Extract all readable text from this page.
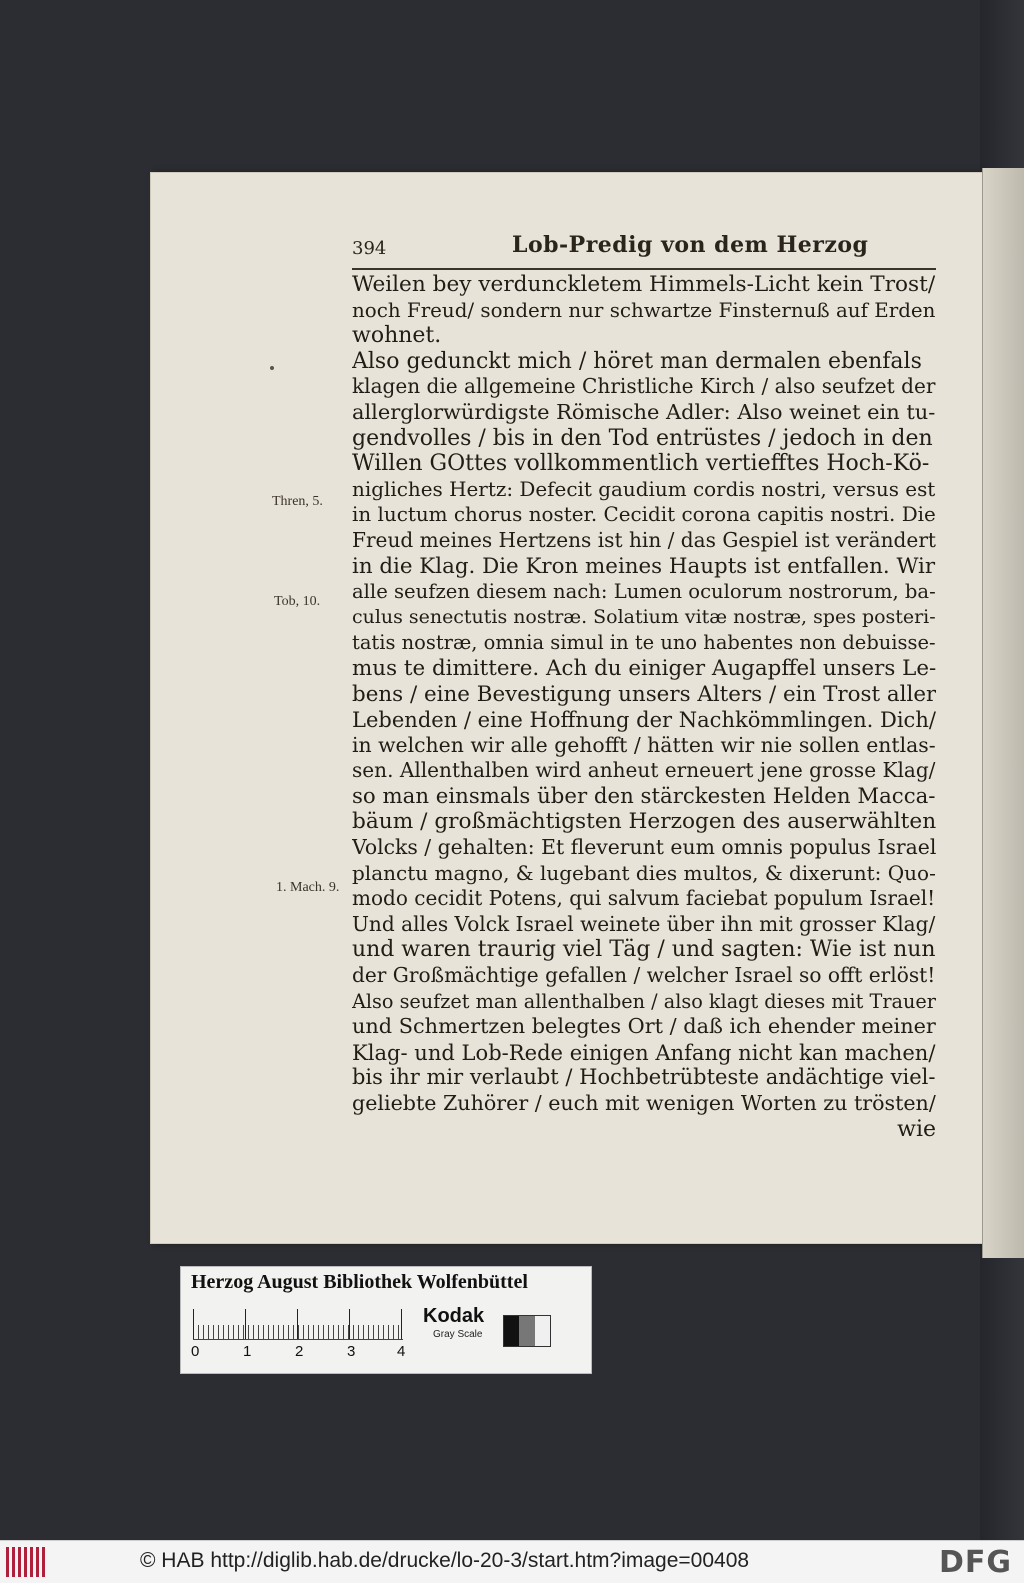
394	Lob-Predig von dem Herzog
Thren, 5.
Tob, 10.
1. Mach. 9.
Weilen bey verdunckletem Himmels-Licht kein Trost/
noch Freud/ sondern nur schwartze Finsternuß auf Erden
wohnet.
Also gedunckt mich / höret man dermalen ebenfals
klagen die allgemeine Christliche Kirch / also seufzet der
allerglorwürdigste Römische Adler: Also weinet ein tu-
gendvolles / bis in den Tod entrüstes / jedoch in den
Willen GOttes vollkommentlich vertiefftes Hoch-Kö-
nigliches Hertz: Defecit gaudium cordis nostri, versus est
in luctum chorus noster. Cecidit corona capitis nostri. Die
Freud meines Hertzens ist hin / das Gespiel ist verändert
in die Klag. Die Kron meines Haupts ist entfallen. Wir
alle seufzen diesem nach: Lumen oculorum nostrorum, ba-
culus senectutis nostræ. Solatium vitæ nostræ, spes posteri-
tatis nostræ, omnia simul in te uno habentes non debuisse-
mus te dimittere. Ach du einiger Augapffel unsers Le-
bens / eine Bevestigung unsers Alters / ein Trost aller
Lebenden / eine Hoffnung der Nachkömmlingen. Dich/
in welchen wir alle gehofft / hätten wir nie sollen entlas-
sen. Allenthalben wird anheut erneuert jene grosse Klag/
so man einsmals über den stärckesten Helden Macca-
bäum / großmächtigsten Herzogen des auserwählten
Volcks / gehalten: Et fleverunt eum omnis populus Israel
planctu magno, & lugebant dies multos, & dixerunt: Quo-
modo cecidit Potens, qui salvum faciebat populum Israel!
Und alles Volck Israel weinete über ihn mit grosser Klag/
und waren traurig viel Täg / und sagten: Wie ist nun
der Großmächtige gefallen / welcher Israel so offt erlöst!
Also seufzet man allenthalben / also klagt dieses mit Trauer
und Schmertzen belegtes Ort / daß ich ehender meiner
Klag- und Lob-Rede einigen Anfang nicht kan machen/
bis ihr mir verlaubt / Hochbetrübteste andächtige viel-
geliebte Zuhörer / euch mit wenigen Worten zu trösten/
wie
Herzog August Bibliothek Wolfenbüttel
0	1	2	3	4
Kodak
Gray Scale
© HAB http://diglib.hab.de/drucke/lo-20-3/start.htm?image=00408	DFG
